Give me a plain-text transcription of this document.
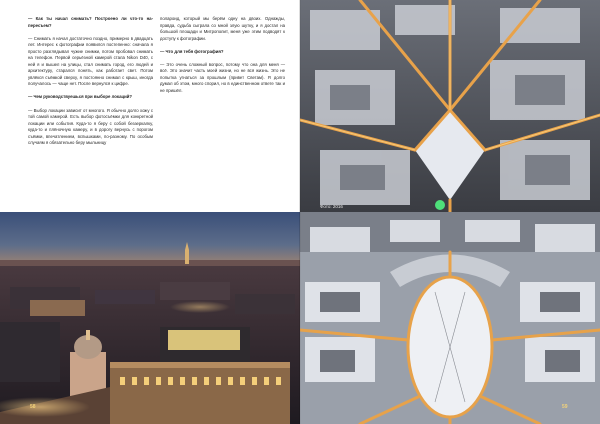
— Как ты начал снимать? Построено ли что-то на-пересъем?

— Снимать я начал достаточно поздно, примерно в двадцать лет. Интерес к фотографии появился постепенно: сначала я просто разглядывал чужие снимки, потом пробовал снимать на телефон. Первой серьёзной камерой стала Nikon D40, с ней я и вышел на улицы, стал снимать город, его людей и архитектуру, старался понять, как работает свет. Потом увлёкся съёмкой сверху, я постоянно снимал с крыш, иногда получалось — чаще нет. После вернулся к цифре.

— Чем руководствуешься при выборе локаций?

— Выбор локации зависит от многого. Я обычно долго хожу с той самой камерой. Есть выбор фотосъёмки для конкретной локации или события. Куда-то я беру с собой беззеркалку, куда-то и плёночную камеру, и в дорогу вернусь с порогом съёмки, впечатлением, вспышками, по-разному. По особым случаям я обязательно беру мыльницу

полароид, который мы берём одну на двоих. Однажды, правда, судьба сыграла со мной злую шутку, и я достал на большой площади и Митрополит, меня уже этим подводят к доступу к фотографии.

— Что для тебя фотография?

— Это очень сложный вопрос, потому что она для меня — всё. Это значит часть моей жизни, но не вся жизнь. Это не попытка угнаться за прошлым (привет Светам). Я долго думал об этом, много спорил, но в единственном ответе так и не пришёл.

58
Фото: 2016
59
